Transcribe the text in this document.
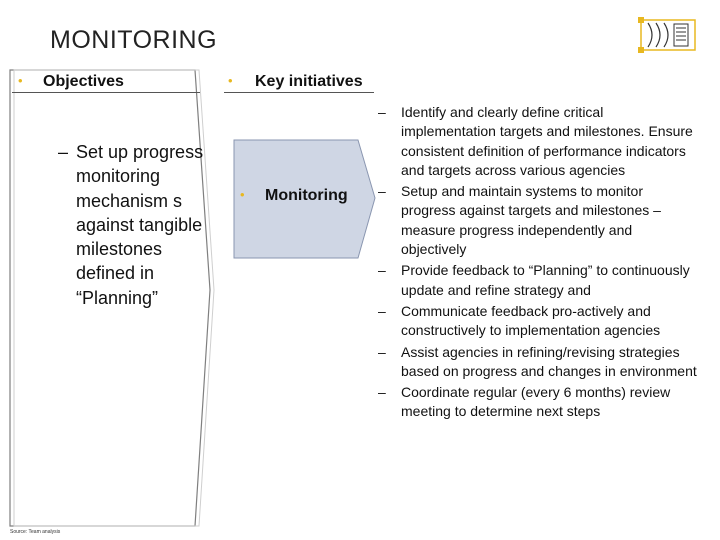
MONITORING
• Objectives
– Set up progress monitoring mechanism s against tangible milestones defined in “Planning”
• Key initiatives
• Monitoring
– Identify and clearly define critical implementation targets and milestones. Ensure consistent definition of performance indicators and targets across various agencies
– Setup and maintain systems to monitor progress against targets and milestones – measure progress independently and objectively
– Provide feedback to “Planning” to continuously update and refine strategy and
– Communicate feedback pro-actively and constructively to implementation agencies
– Assist agencies in refining/revising strategies based on progress and changes in environment
– Coordinate regular (every 6 months) review meeting to determine next steps
Source: Team analysis
